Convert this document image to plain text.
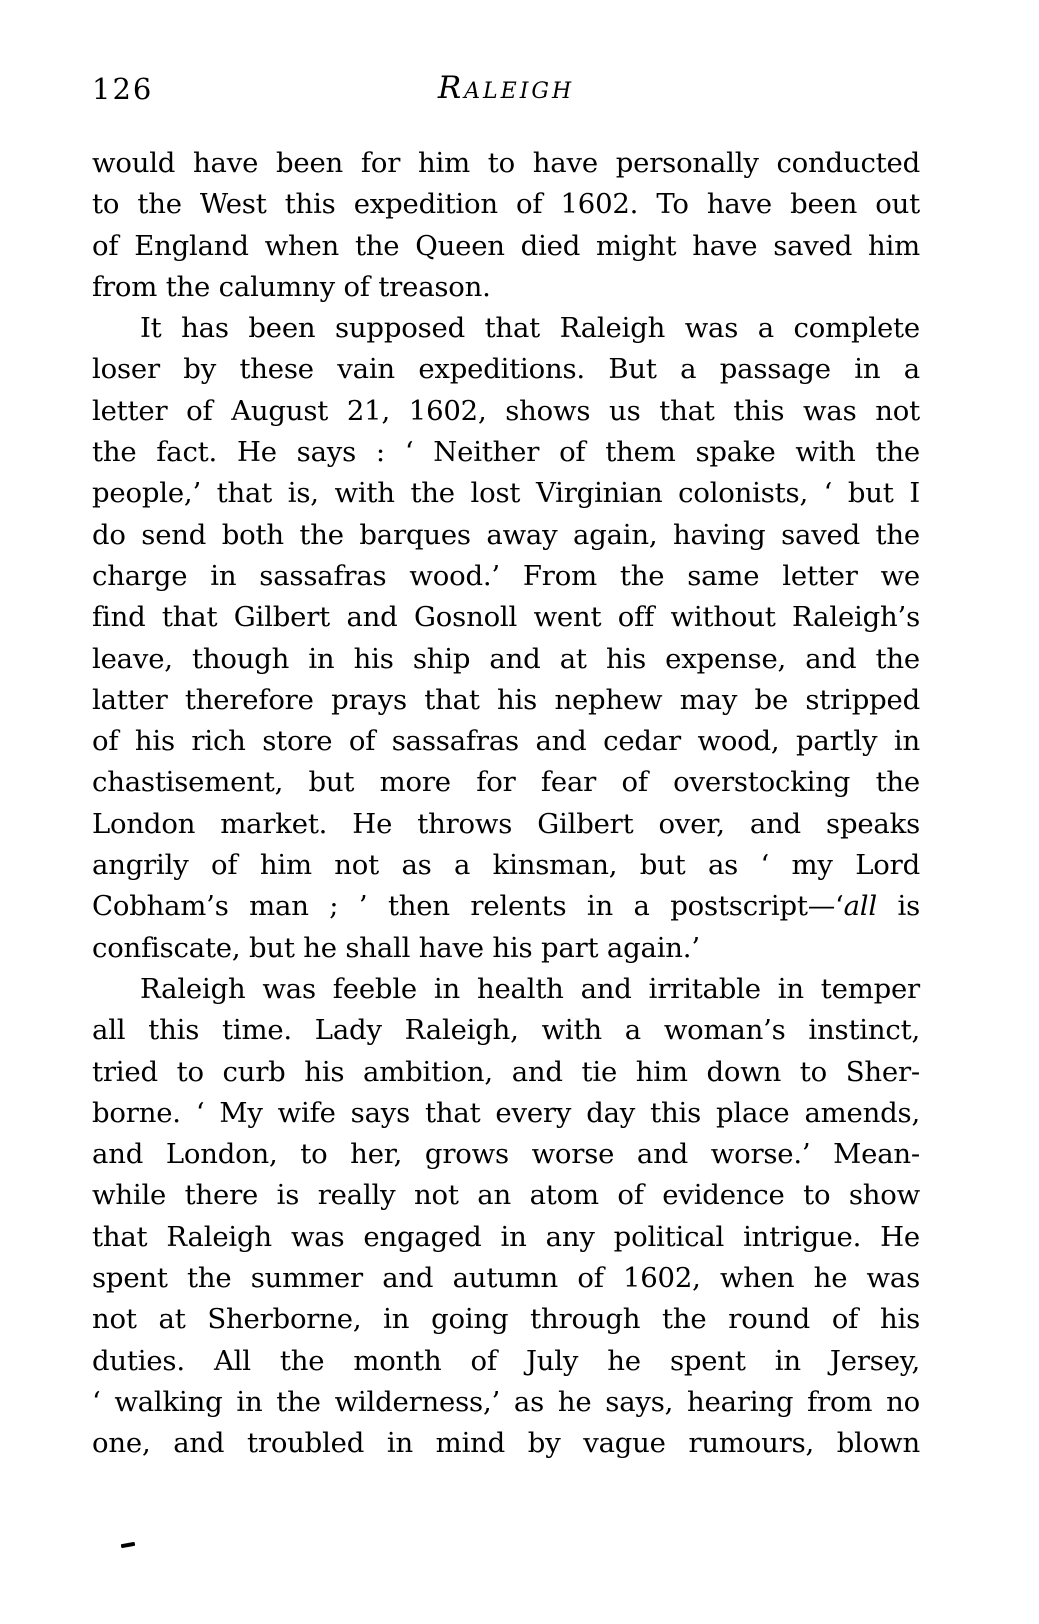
126	Raleigh
would have been for him to have personally conducted
to the West this expedition of 1602. To have been out
of England when the Queen died might have saved him
from the calumny of treason.
It has been supposed that Raleigh was a complete
loser by these vain expeditions. But a passage in a
letter of August 21, 1602, shows us that this was not
the fact. He says : ‘ Neither of them spake with the
people,’ that is, with the lost Virginian colonists, ‘ but I
do send both the barques away again, having saved the
charge in sassafras wood.’ From the same letter we
find that Gilbert and Gosnoll went off without Raleigh’s
leave, though in his ship and at his expense, and the
latter therefore prays that his nephew may be stripped
of his rich store of sassafras and cedar wood, partly in
chastisement, but more for fear of overstocking the
London market. He throws Gilbert over, and speaks
angrily of him not as a kinsman, but as ‘ my Lord
Cobham’s man ; ’ then relents in a postscript—‘all is
confiscate, but he shall have his part again.’
Raleigh was feeble in health and irritable in temper
all this time. Lady Raleigh, with a woman’s instinct,
tried to curb his ambition, and tie him down to Sher-
borne. ‘ My wife says that every day this place amends,
and London, to her, grows worse and worse.’ Mean-
while there is really not an atom of evidence to show
that Raleigh was engaged in any political intrigue. He
spent the summer and autumn of 1602, when he was
not at Sherborne, in going through the round of his
duties. All the month of July he spent in Jersey,
‘ walking in the wilderness,’ as he says, hearing from no
one, and troubled in mind by vague rumours, blown
